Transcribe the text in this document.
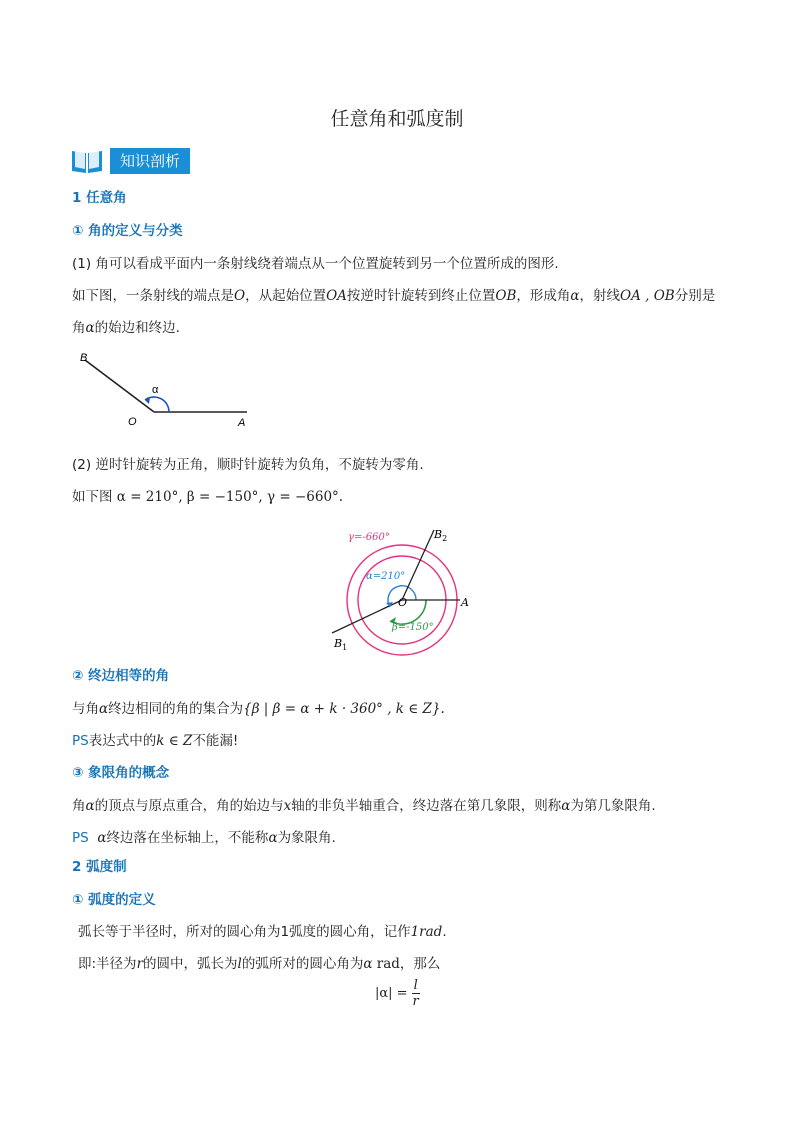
任意角和弧度制
知识剖析
1 任意角
① 角的定义与分类
(1) 角可以看成平面内一条射线绕着端点从一个位置旋转到另一个位置所成的图形.
如下图，一条射线的端点是O，从起始位置OA按逆时针旋转到终止位置OB，形成角α，射线OA , OB分别是
角α的始边和终边.
B
O	A
α
(2) 逆时针旋转为正角，顺时针旋转为负角，不旋转为零角.
如下图 α = 210°, β = −150°, γ = −660°.
γ=-660°
α=210°
β=-150°
O	A
$B_2$
$B_1$
② 终边相等的角
与角α终边相同的角的集合为{β | β = α + k · 360° , k ∈ Z}.
PS表达式中的k ∈ Z不能漏!
③ 象限角的概念
角α的顶点与原点重合，角的始边与x轴的非负半轴重合，终边落在第几象限，则称α为第几象限角.
PS α终边落在坐标轴上，不能称α为象限角.
2 弧度制
① 弧度的定义
弧长等于半径时，所对的圆心角为1弧度的圆心角，记作1rad.
即:半径为r的圆中，弧长为l的弧所对的圆心角为α rad，那么
$|\alpha| = \frac{l}{r}$
